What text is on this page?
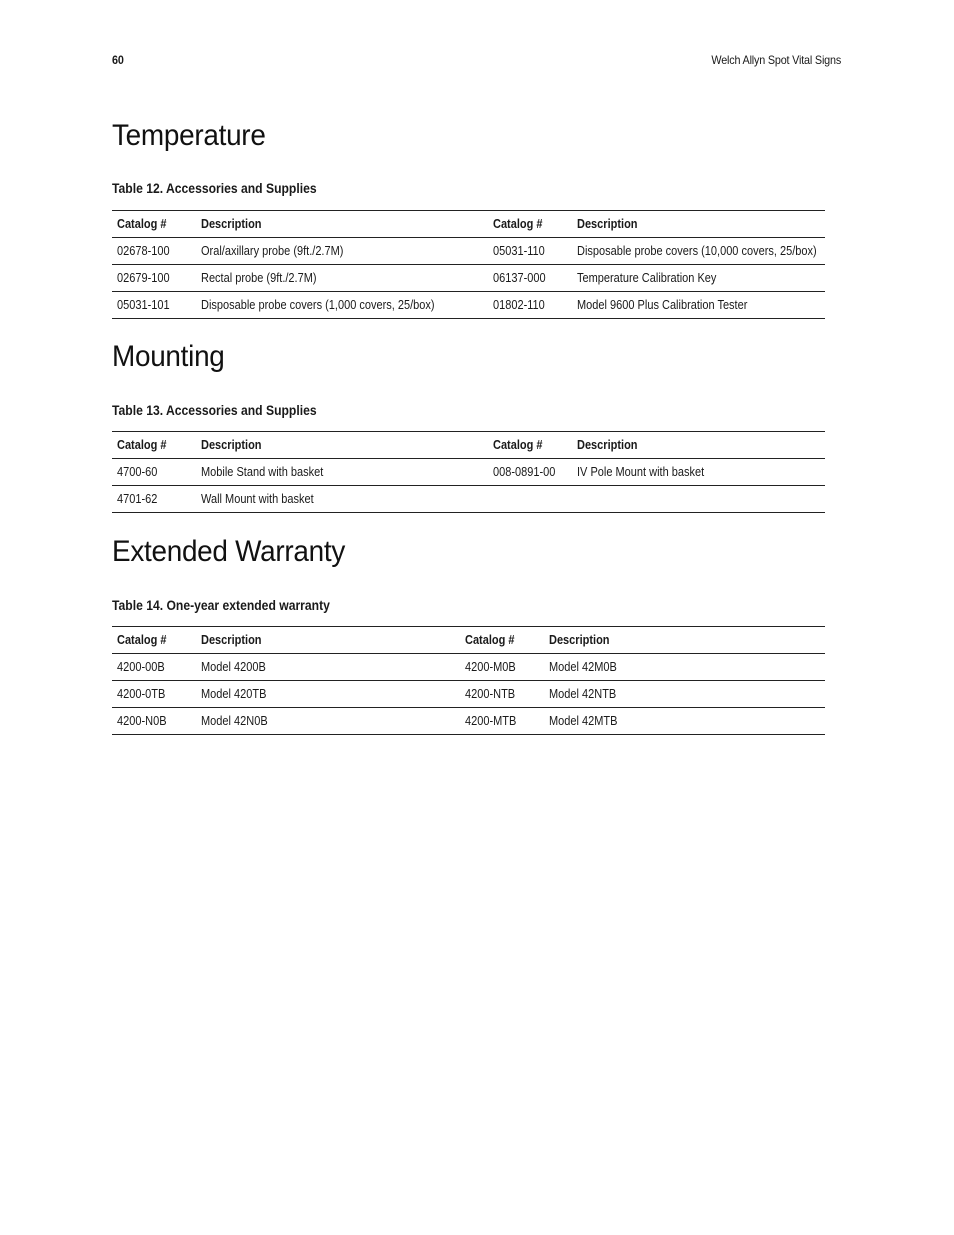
60	Welch Allyn Spot Vital Signs
Temperature
Table 12. Accessories and Supplies
Catalog #	Description	Catalog #	Description
02678-100	Oral/axillary probe (9ft./2.7M)	05031-110	Disposable probe covers (10,000 covers, 25/box)
02679-100	Rectal probe (9ft./2.7M)	06137-000	Temperature Calibration Key
05031-101	Disposable probe covers (1,000 covers, 25/box)	01802-110	Model 9600 Plus Calibration Tester
Mounting
Table 13. Accessories and Supplies
Catalog #	Description	Catalog #	Description
4700-60	Mobile Stand with basket	008-0891-00	IV Pole Mount with basket
4701-62	Wall Mount with basket		
Extended Warranty
Table 14. One-year extended warranty
Catalog #	Description	Catalog #	Description
4200-00B	Model 4200B	4200-M0B	Model 42M0B
4200-0TB	Model 420TB	4200-NTB	Model 42NTB
4200-N0B	Model 42N0B	4200-MTB	Model 42MTB
